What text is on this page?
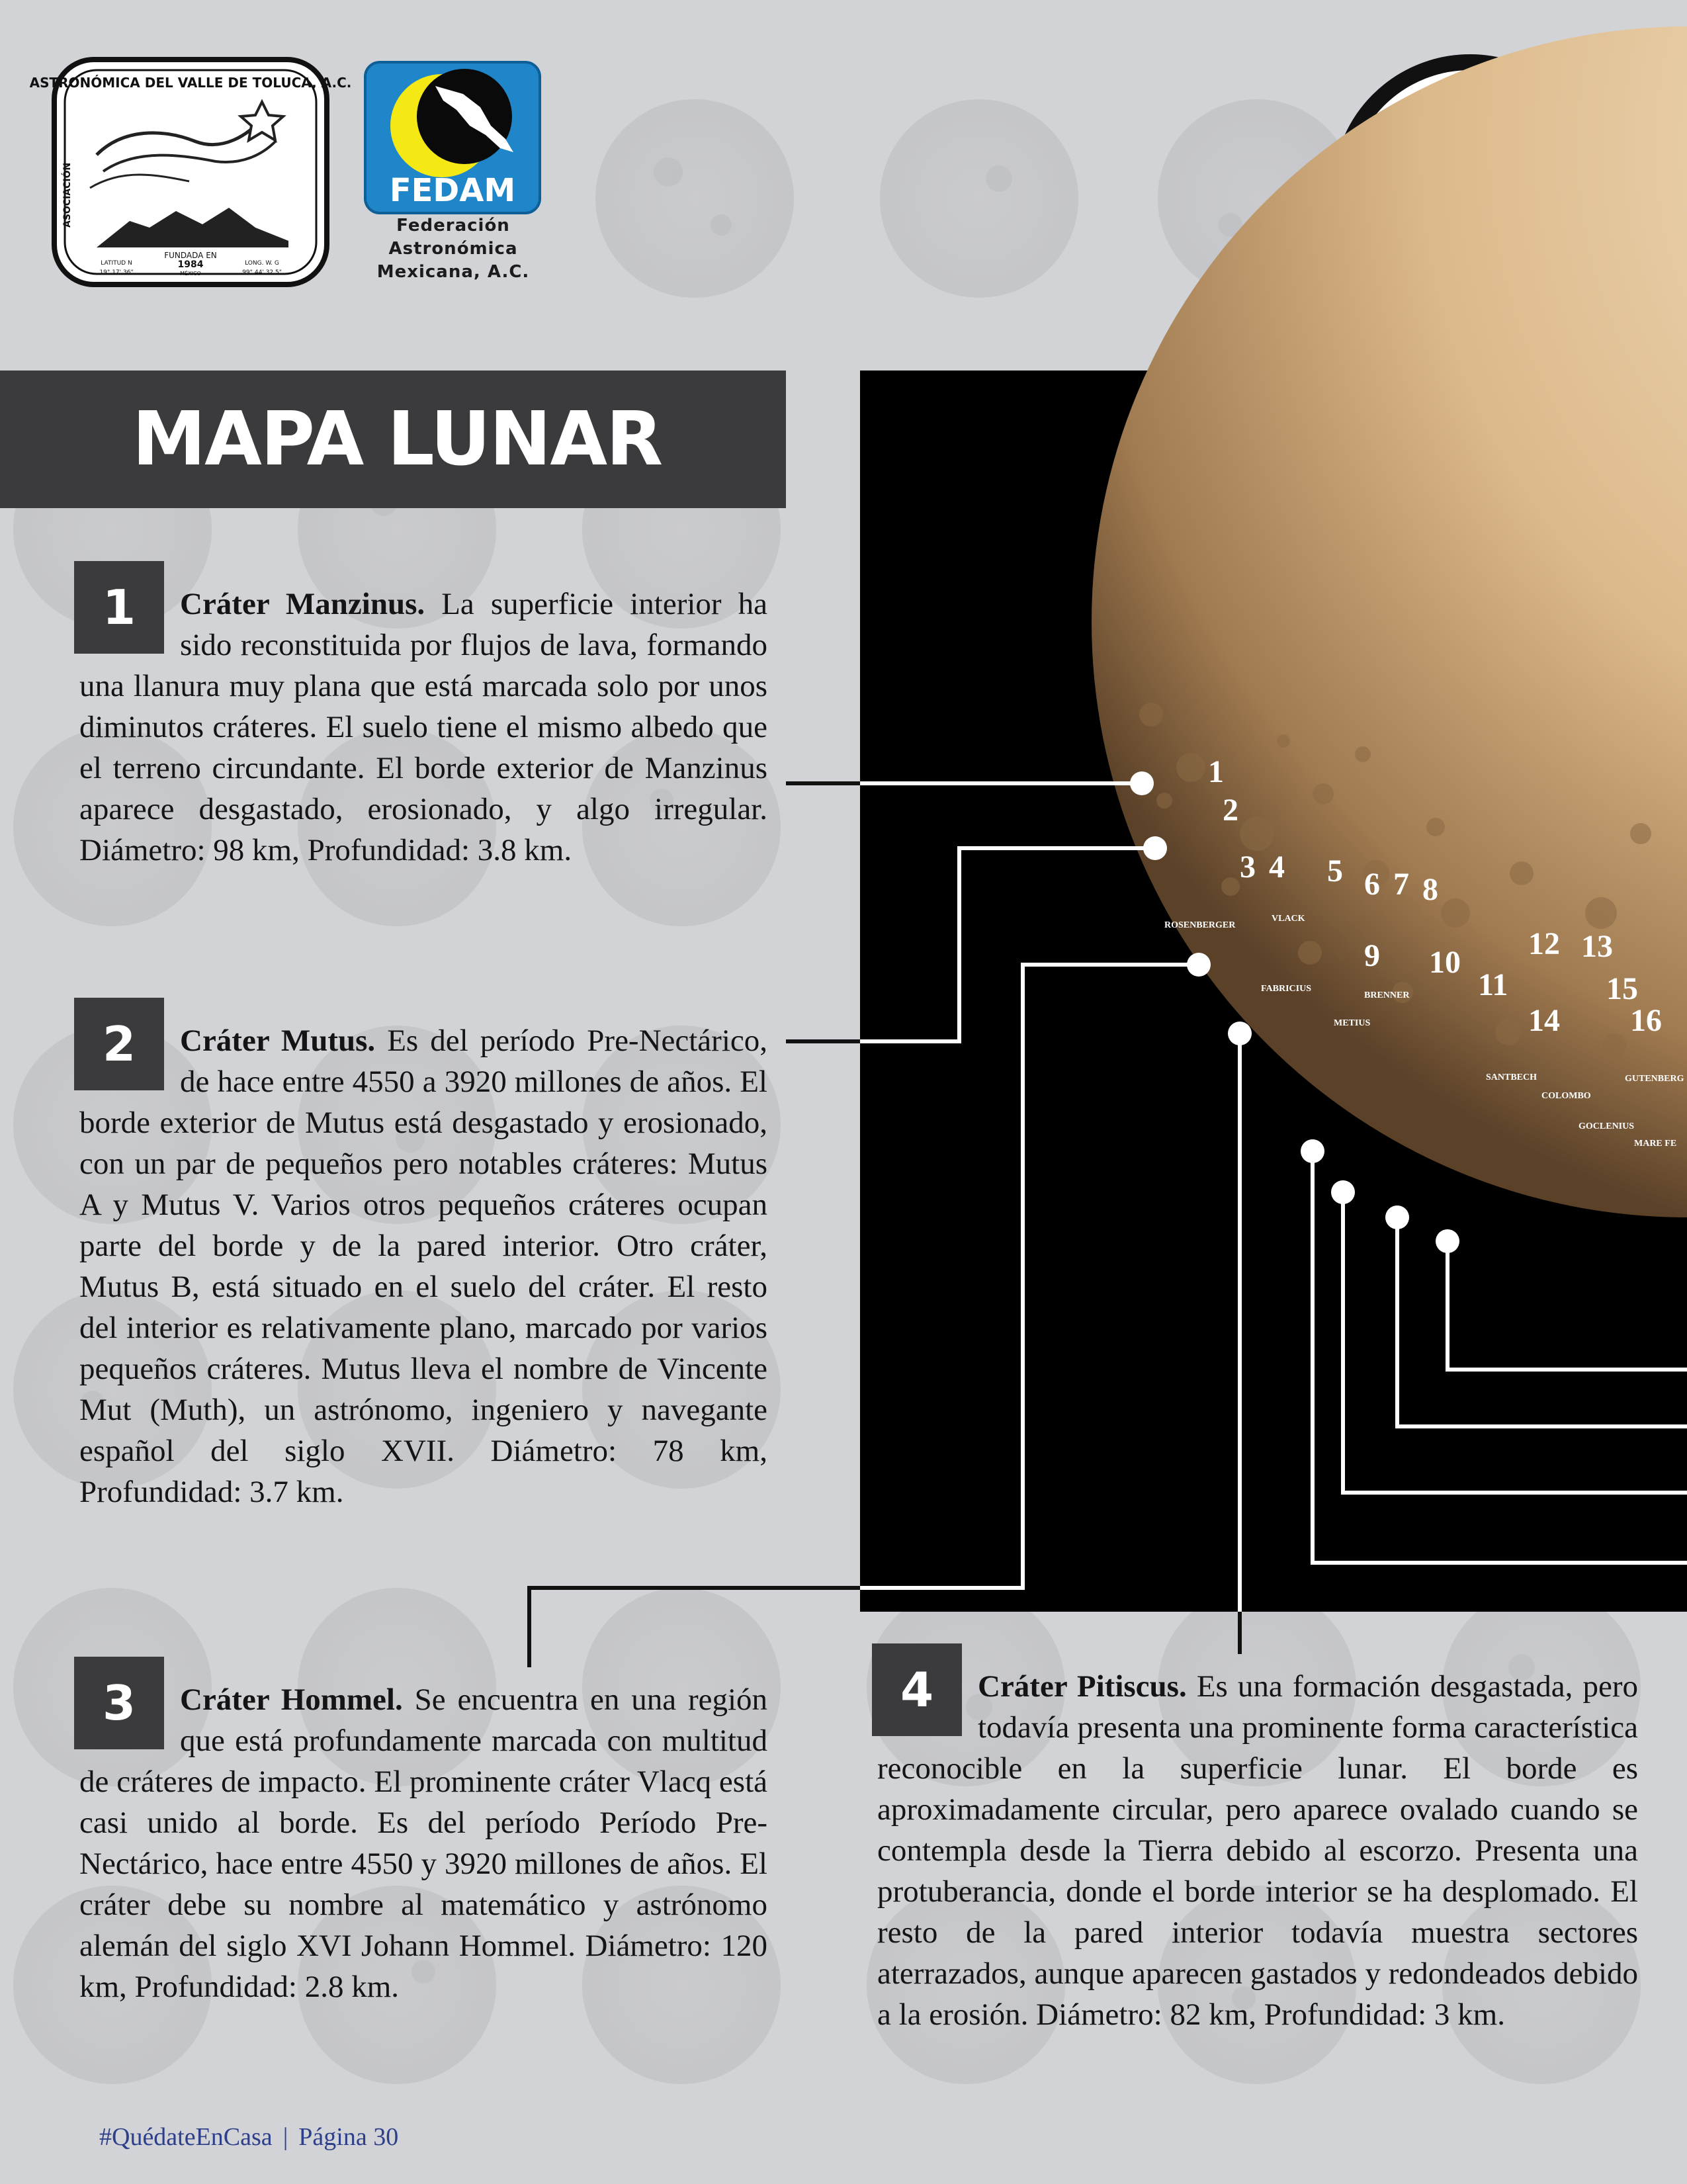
ASTRONÓMICA DEL VALLE DE TOLUCA, A.C.
ASOCIACIÓN
FUNDADA EN
1984
MÉXICO
LATITUD N
19° 17' 36"
LONG. W. G
99° 44' 32.5"
FEDAM
Federación
Astronómica
Mexicana, A.C.
MAPA LUNAR
1
2
3 4 5 6 7 8
9 10
11
12 13
14
15
16
ROSENBERGER
VLACK
FABRICIUS
BRENNER
METIUS
SANTBECH
COLOMBO
GOCLENIUS
GUTENBERG
MARE FE
1	Cráter Manzinus. La superficie interior ha sido reconstituida por flujos de lava, formando una llanura muy plana que está marcada solo por unos diminutos cráteres. El suelo tiene el mismo albedo que el terreno circundante. El borde exterior de Manzinus aparece desgastado, erosionado, y algo irregular. Diámetro: 98 km, Profundidad: 3.8 km.
2	Cráter Mutus. Es del período Pre-Nectárico, de hace entre 4550 a 3920 millones de años. El borde exterior de Mutus está desgastado y erosionado, con un par de pequeños pero notables cráteres: Mutus A y Mutus V. Varios otros pequeños cráteres ocupan parte del borde y de la pared interior. Otro cráter, Mutus B, está situado en el suelo del cráter. El resto del interior es relativamente plano, marcado por varios pequeños cráteres. Mutus lleva el nombre de Vincente Mut (Muth), un astrónomo, ingeniero y navegante español del siglo XVII. Diámetro: 78 km, Profundidad: 3.7 km.
3	Cráter Hommel. Se encuentra en una región que está profundamente marcada con multitud de cráteres de impacto. El prominente cráter Vlacq está casi unido al borde. Es del período Período Pre-Nectárico, hace entre 4550 y 3920 millones de años. El cráter debe su nombre al matemático y astrónomo alemán del siglo XVI Johann Hommel. Diámetro: 120 km, Profundidad: 2.8 km.
4	Cráter Pitiscus. Es una formación desgastada, pero todavía presenta una prominente forma característica reconocible en la superficie lunar. El borde es aproximadamente circular, pero aparece ovalado cuando se contempla desde la Tierra debido al escorzo. Presenta una protuberancia, donde el borde interior se ha desplomado. El resto de la pared interior todavía muestra sectores aterrazados, aunque aparecen gastados y redondeados debido a la erosión. Diámetro: 82 km, Profundidad: 3 km.
#QuédateEnCasa | Página 30
